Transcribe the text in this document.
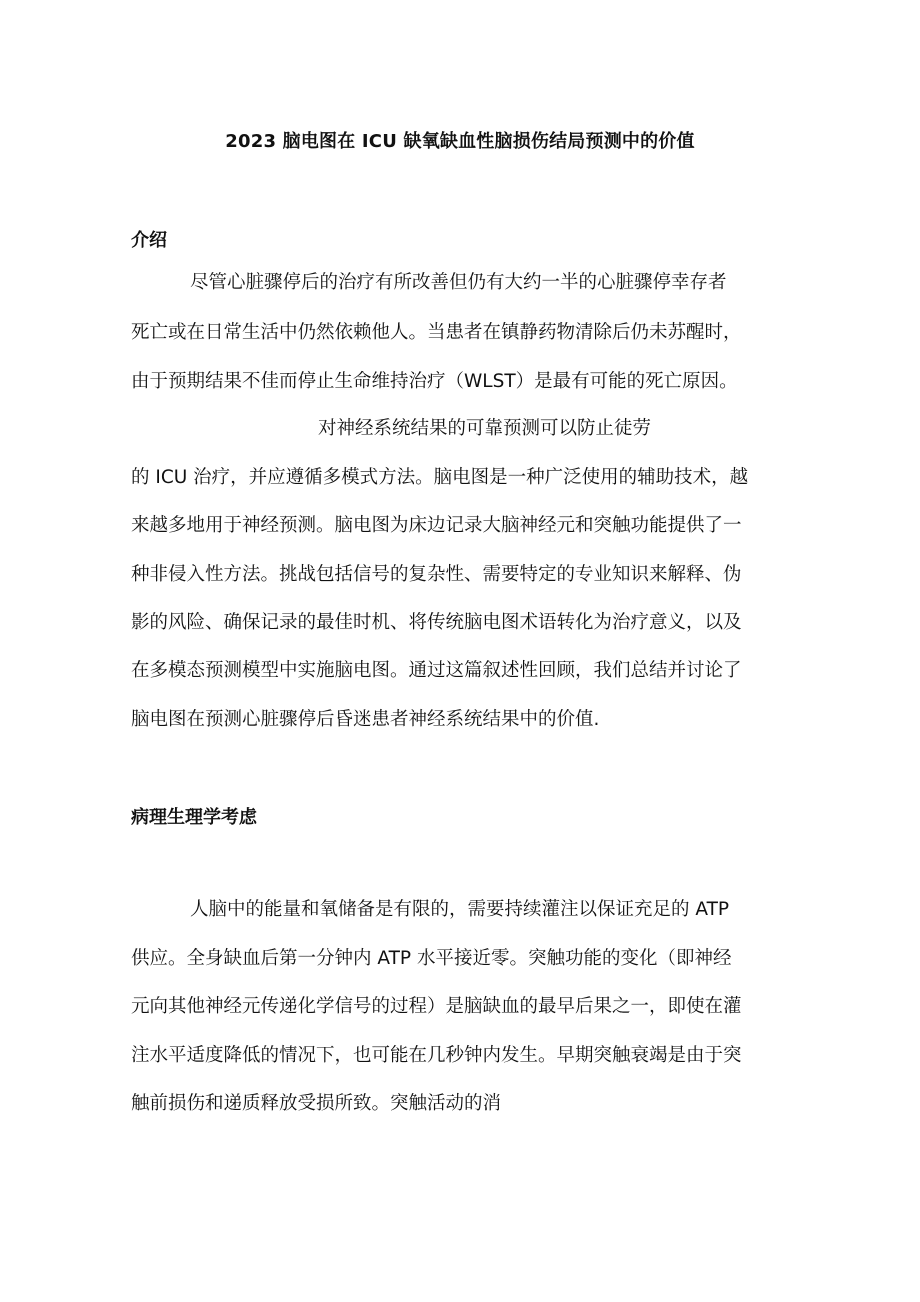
2023 脑电图在 ICU 缺氧缺血性脑损伤结局预测中的价值
介绍
尽管心脏骤停后的治疗有所改善但仍有大约一半的心脏骤停幸存者
死亡或在日常生活中仍然依赖他人。当患者在镇静药物清除后仍未苏醒时，
由于预期结果不佳而停止生命维持治疗（WLST）是最有可能的死亡原因。
对神经系统结果的可靠预测可以防止徒劳
的 ICU 治疗，并应遵循多模式方法。脑电图是一种广泛使用的辅助技术，越
来越多地用于神经预测。脑电图为床边记录大脑神经元和突触功能提供了一
种非侵入性方法。挑战包括信号的复杂性、需要特定的专业知识来解释、伪
影的风险、确保记录的最佳时机、将传统脑电图术语转化为治疗意义，以及
在多模态预测模型中实施脑电图。通过这篇叙述性回顾，我们总结并讨论了
脑电图在预测心脏骤停后昏迷患者神经系统结果中的价值.
病理生理学考虑
人脑中的能量和氧储备是有限的，需要持续灌注以保证充足的 ATP
供应。全身缺血后第一分钟内 ATP 水平接近零。突触功能的变化（即神经
元向其他神经元传递化学信号的过程）是脑缺血的最早后果之一，即使在灌
注水平适度降低的情况下，也可能在几秒钟内发生。早期突触衰竭是由于突
触前损伤和递质释放受损所致。突触活动的消
